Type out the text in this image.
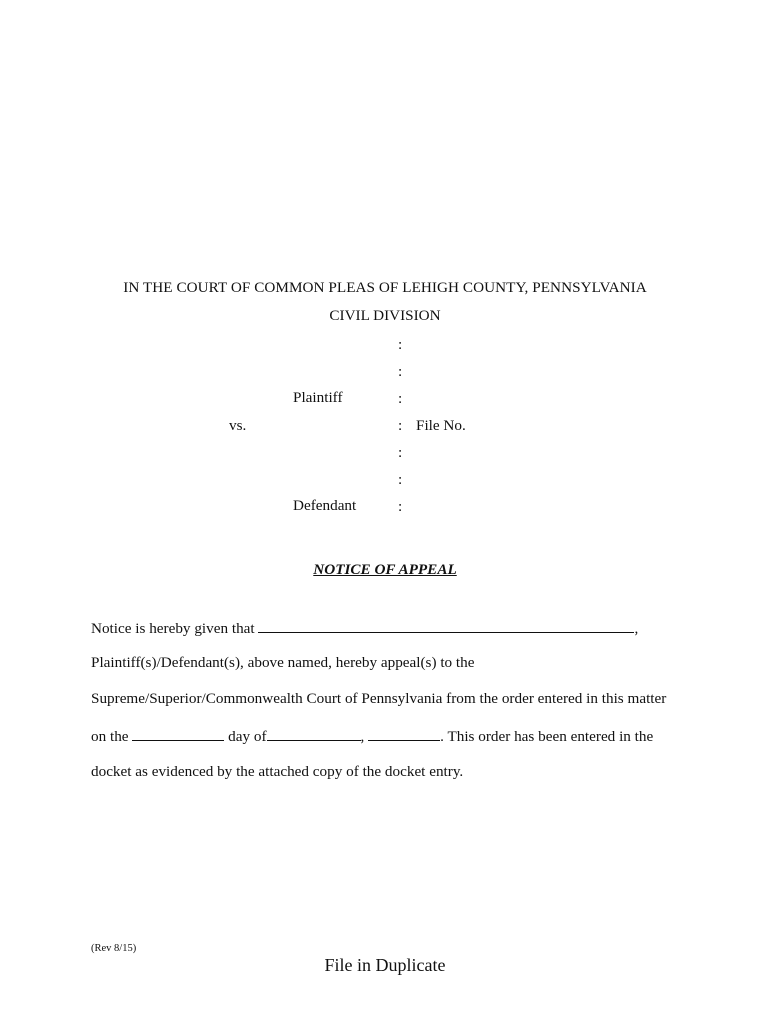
IN THE COURT OF COMMON PLEAS OF LEHIGH COUNTY, PENNSYLVANIA
CIVIL DIVISION
:
:
Plaintiff	:
vs.	: File No.
:
:
Defendant	:
NOTICE OF APPEAL
Notice is hereby given that	,
Plaintiff(s)/Defendant(s), above named, hereby appeal(s) to the
Supreme/Superior/Commonwealth Court of Pennsylvania from the order entered in this matter
on the	day of	,	. This order has been entered in the
docket as evidenced by the attached copy of the docket entry.
(Rev 8/15)
File in Duplicate
